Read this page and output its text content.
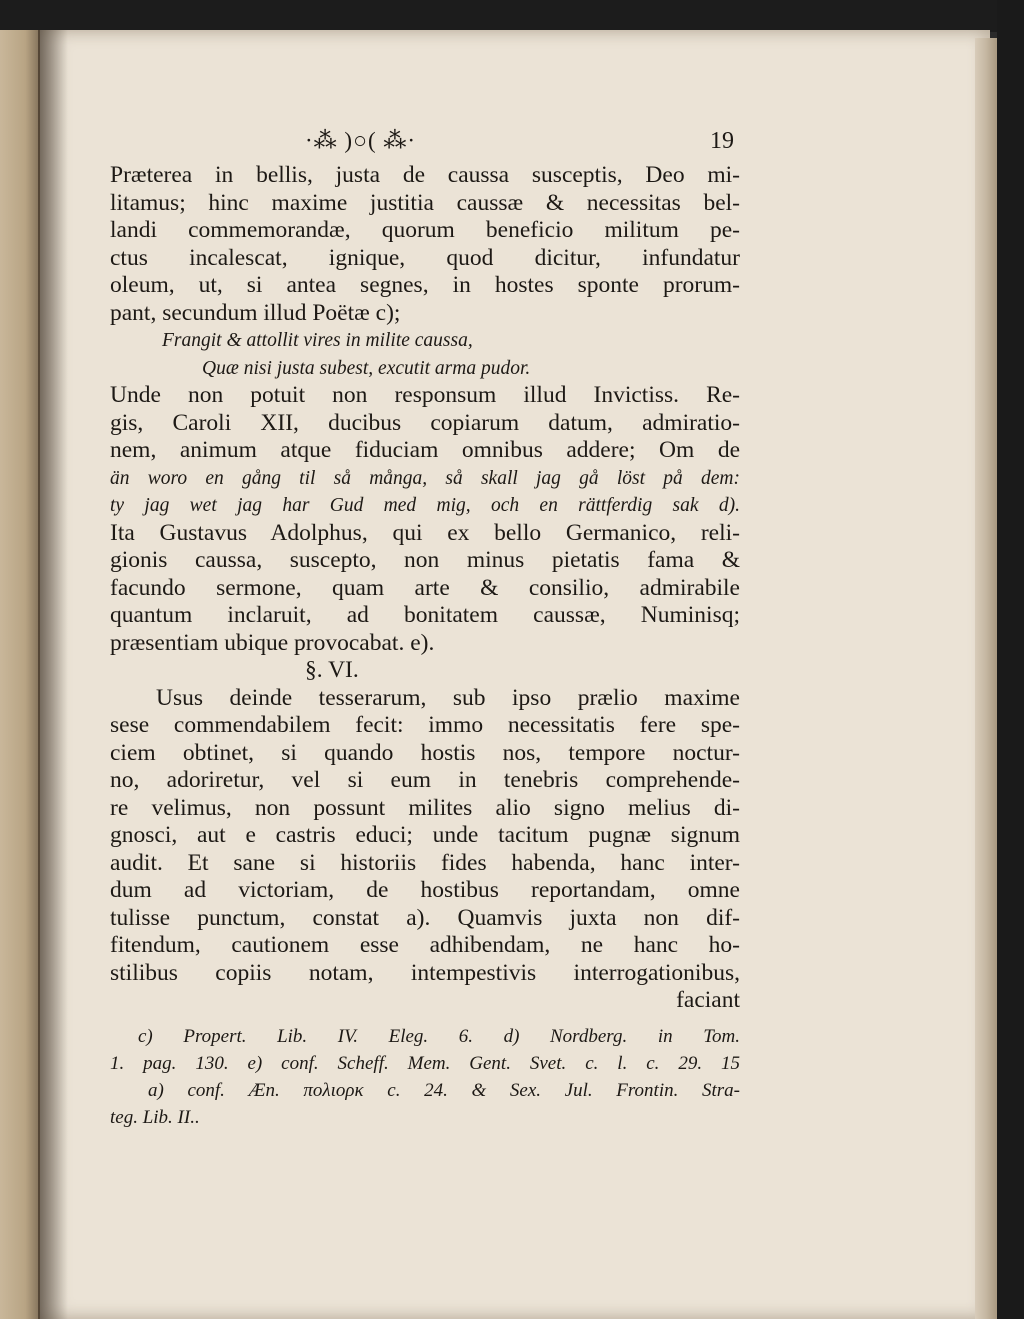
·⁂ )○( ⁂·	19
Præterea in bellis, justa de caussa susceptis, Deo mi-
litamus; hinc maxime justitia caussæ & necessitas bel-
landi commemorandæ, quorum beneficio militum pe-
ctus incalescat, ignique, quod dicitur, infundatur
oleum, ut, si antea segnes, in hostes sponte prorum-
pant, secundum illud Poëtæ c);
Frangit & attollit vires in milite caussa,
Quæ nisi justa subest, excutit arma pudor.
Unde non potuit non responsum illud Invictiss. Re-
gis, Caroli XII, ducibus copiarum datum, admiratio-
nem, animum atque fiduciam omnibus addere; Om de
än woro en gång til så många, så skall jag gå löst på dem:
ty jag wet jag har Gud med mig, och en rättferdig sak d).
Ita Gustavus Adolphus, qui ex bello Germanico, reli-
gionis caussa, suscepto, non minus pietatis fama &
facundo sermone, quam arte & consilio, admirabile
quantum inclaruit, ad bonitatem caussæ, Numinisq;
præsentiam ubique provocabat. e).
§. VI.
Usus deinde tesserarum, sub ipso prælio maxime
sese commendabilem fecit: immo necessitatis fere spe-
ciem obtinet, si quando hostis nos, tempore noctur-
no, adoriretur, vel si eum in tenebris comprehende-
re velimus, non possunt milites alio signo melius di-
gnosci, aut e castris educi; unde tacitum pugnæ signum
audit. Et sane si historiis fides habenda, hanc inter-
dum ad victoriam, de hostibus reportandam, omne
tulisse punctum, constat a). Quamvis juxta non dif-
fitendum, cautionem esse adhibendam, ne hanc ho-
stilibus copiis notam, intempestivis interrogationibus,
faciant
c) Propert. Lib. IV. Eleg. 6. d) Nordberg. in Tom.
1. pag. 130. e) conf. Scheff. Mem. Gent. Svet. c. l. c. 29. 15
a) conf. Æn. πολιορκ c. 24. & Sex. Jul. Frontin. Stra-
teg. Lib. II..
